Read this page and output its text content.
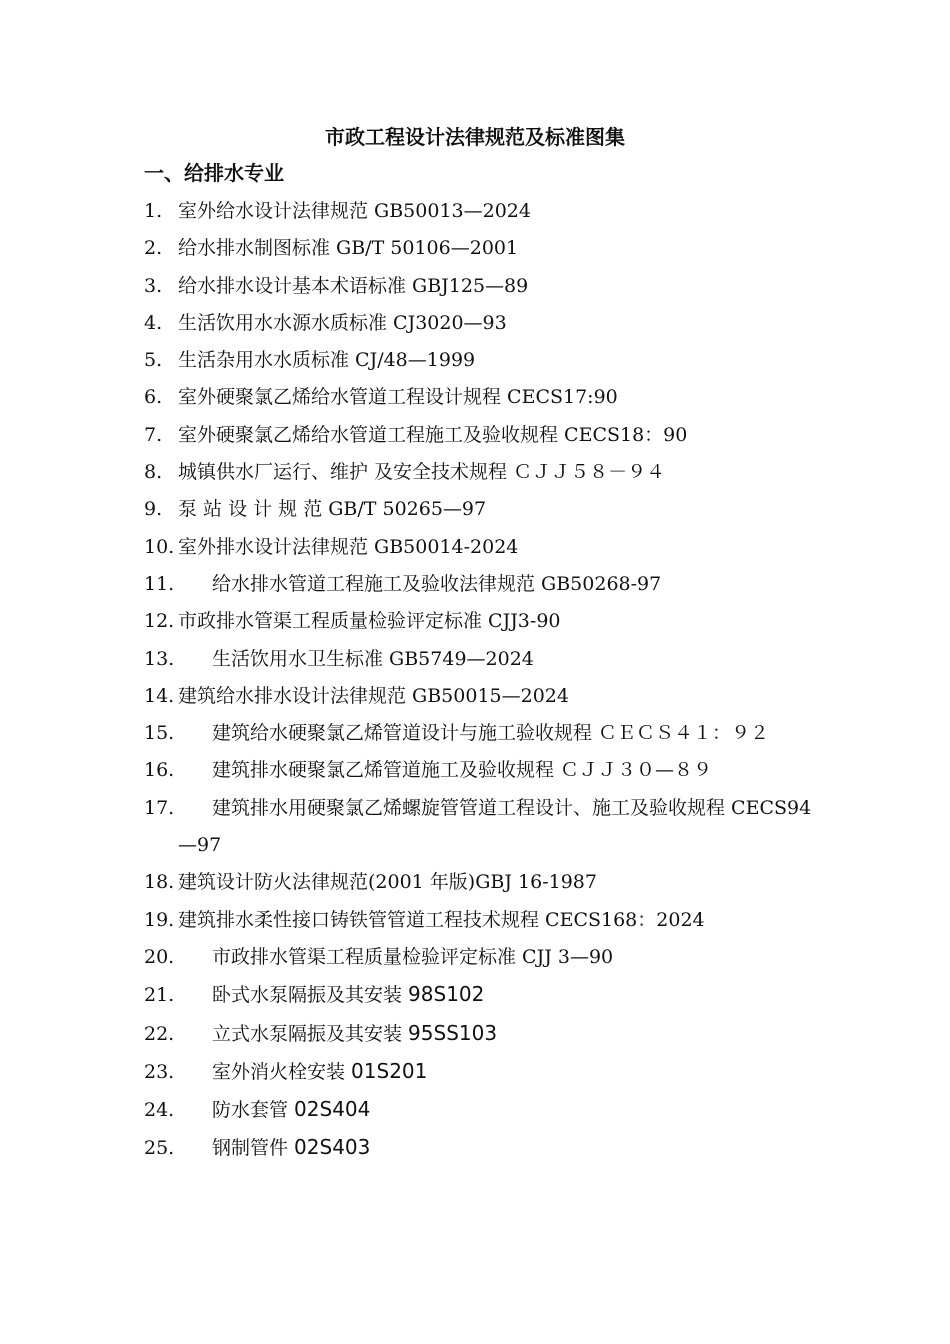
市政工程设计法律规范及标准图集
一、给排水专业
1. 室外给水设计法律规范 GB50013—2024
2. 给水排水制图标准 GB/T 50106—2001
3. 给水排水设计基本术语标准 GBJ125—89
4. 生活饮用水水源水质标准 CJ3020—93
5. 生活杂用水水质标准 CJ/48—1999
6. 室外硬聚氯乙烯给水管道工程设计规程 CECS17:90
7. 室外硬聚氯乙烯给水管道工程施工及验收规程 CECS18：90
8. 城镇供水厂运行、维护 及安全技术规程 ＣＪＪ５８－９４
9. 泵 站 设 计 规 范 GB/T 50265—97
10. 室外排水设计法律规范 GB50014-2024
11. 给水排水管道工程施工及验收法律规范 GB50268-97
12. 市政排水管渠工程质量检验评定标准 CJJ3-90
13. 生活饮用水卫生标准 GB5749—2024
14. 建筑给水排水设计法律规范 GB50015—2024
15. 建筑给水硬聚氯乙烯管道设计与施工验收规程 ＣＥＣＳ４１：９２
16. 建筑排水硬聚氯乙烯管道施工及验收规程 ＣＪＪ３０—８９
17. 建筑排水用硬聚氯乙烯螺旋管管道工程设计、施工及验收规程 CECS94—97
18. 建筑设计防火法律规范(2001 年版)GBJ 16-1987
19. 建筑排水柔性接口铸铁管管道工程技术规程 CECS168：2024
20. 市政排水管渠工程质量检验评定标准 CJJ 3—90
21. 卧式水泵隔振及其安装 98S102
22. 立式水泵隔振及其安装 95SS103
23. 室外消火栓安装 01S201
24. 防水套管 02S404
25. 钢制管件 02S403
